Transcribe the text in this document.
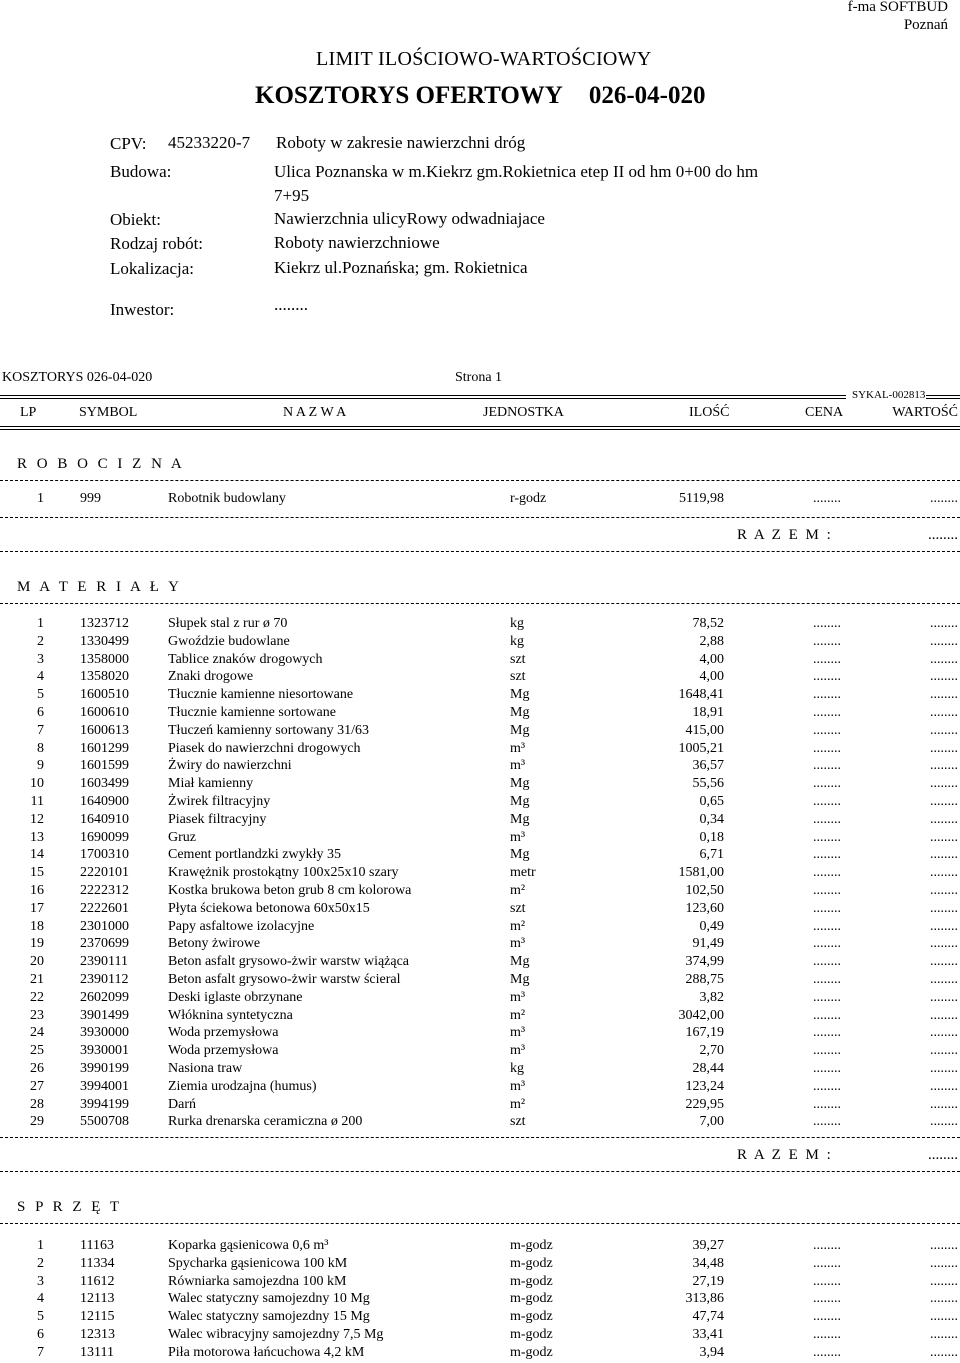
f-ma SOFTBUD
Poznań
LIMIT ILOŚCIOWO-WARTOŚCIOWY
KOSZTORYS OFERTOWY 026-04-020
CPV: 45233220-7 Roboty w zakresie nawierzchni dróg
Budowa:	Ulica Poznanska w m.Kiekrz gm.Rokietnica etep II od hm 0+00 do hm
7+95
Obiekt:	Nawierzchnia ulicyRowy odwadniajace
Rodzaj robót:	Roboty nawierzchniowe
Lokalizacja:	Kiekrz ul.Poznańska; gm. Rokietnica
Inwestor:	........
KOSZTORYS 026-04-020	Strona 1
SYKAL-002813
LP	SYMBOL	N A Z W A	JEDNOSTKA	ILOŚĆ	CENA	WARTOŚĆ
R O B O C I Z N A
1	999	Robotnik budowlany	r-godz	5119,98	........	........
R A Z E M :	........
M A T E R I A Ł Y
1	1323712	Słupek stal z rur ø 70	kg	78,52	........	........
2	1330499	Gwoździe budowlane	kg	2,88	........	........
3	1358000	Tablice znaków drogowych	szt	4,00	........	........
4	1358020	Znaki drogowe	szt	4,00	........	........
5	1600510	Tłucznie kamienne niesortowane	Mg	1648,41	........	........
6	1600610	Tłucznie kamienne sortowane	Mg	18,91	........	........
7	1600613	Tłuczeń kamienny sortowany 31/63	Mg	415,00	........	........
8	1601299	Piasek do nawierzchni drogowych	m³	1005,21	........	........
9	1601599	Żwiry do nawierzchni	m³	36,57	........	........
10	1603499	Miał kamienny	Mg	55,56	........	........
11	1640900	Żwirek filtracyjny	Mg	0,65	........	........
12	1640910	Piasek filtracyjny	Mg	0,34	........	........
13	1690099	Gruz	m³	0,18	........	........
14	1700310	Cement portlandzki zwykły 35	Mg	6,71	........	........
15	2220101	Krawężnik prostokątny 100x25x10 szary	metr	1581,00	........	........
16	2222312	Kostka brukowa beton grub 8 cm kolorowa	m²	102,50	........	........
17	2222601	Płyta ściekowa betonowa 60x50x15	szt	123,60	........	........
18	2301000	Papy asfaltowe izolacyjne	m²	0,49	........	........
19	2370699	Betony żwirowe	m³	91,49	........	........
20	2390111	Beton asfalt grysowo-żwir warstw wiążąca	Mg	374,99	........	........
21	2390112	Beton asfalt grysowo-żwir warstw ścieral	Mg	288,75	........	........
22	2602099	Deski iglaste obrzynane	m³	3,82	........	........
23	3901499	Włóknina syntetyczna	m²	3042,00	........	........
24	3930000	Woda przemysłowa	m³	167,19	........	........
25	3930001	Woda przemysłowa	m³	2,70	........	........
26	3990199	Nasiona traw	kg	28,44	........	........
27	3994001	Ziemia urodzajna (humus)	m³	123,24	........	........
28	3994199	Darń	m²	229,95	........	........
29	5500708	Rurka drenarska ceramiczna ø 200	szt	7,00	........	........
R A Z E M :	........
S P R Z Ę T
1	11163	Koparka gąsienicowa 0,6 m³	m-godz	39,27	........	........
2	11334	Spycharka gąsienicowa 100 kM	m-godz	34,48	........	........
3	11612	Równiarka samojezdna 100 kM	m-godz	27,19	........	........
4	12113	Walec statyczny samojezdny 10 Mg	m-godz	313,86	........	........
5	12115	Walec statyczny samojezdny 15 Mg	m-godz	47,74	........	........
6	12313	Walec wibracyjny samojezdny 7,5 Mg	m-godz	33,41	........	........
7	13111	Piła motorowa łańcuchowa 4,2 kM	m-godz	3,94	........	........
